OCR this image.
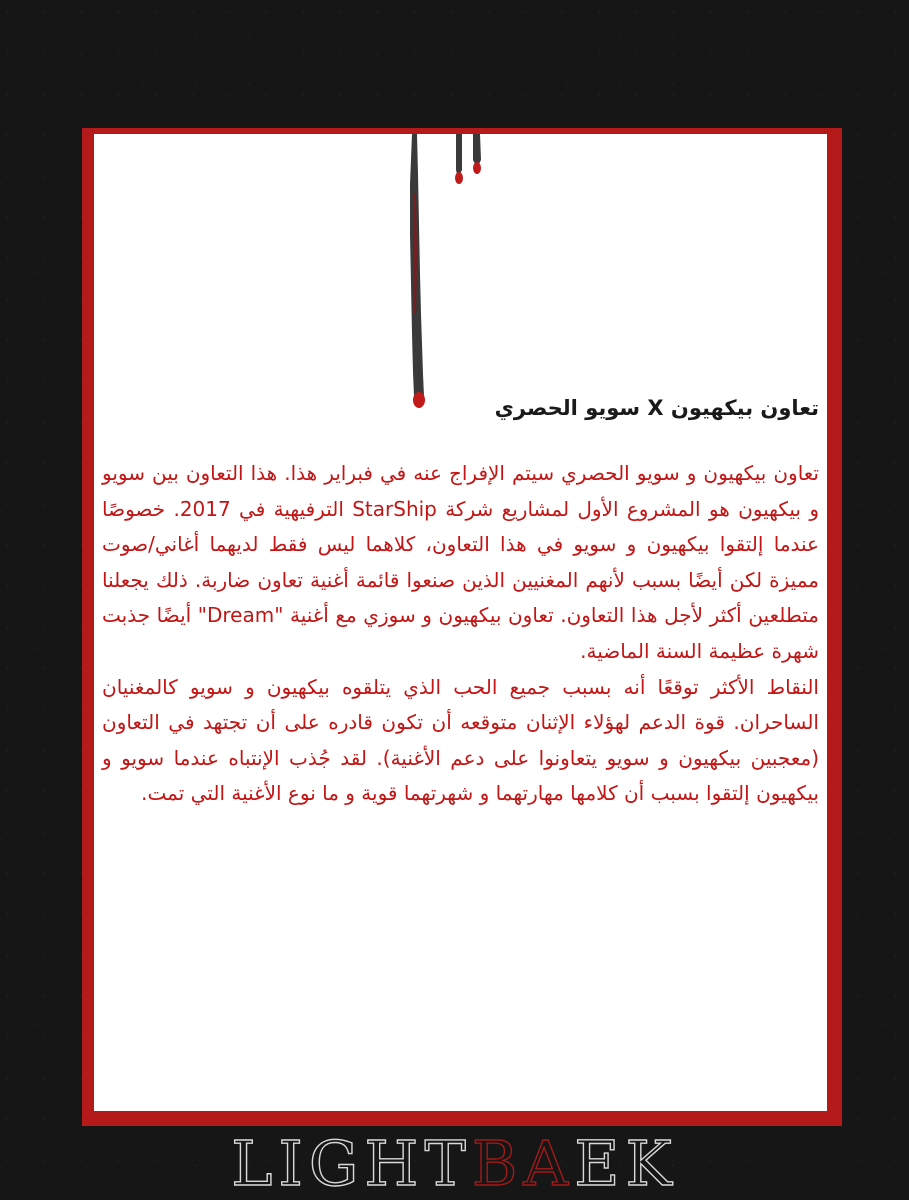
تعاون بيكهيون X سويو الحصري

تعاون بيكهيون و سويو الحصري سيتم الإفراج عنه في فبراير هذا. هذا التعاون بين سويو و بيكهيون هو المشروع الأول لمشاريع شركة StarShip الترفيهية في 2017. خصوصًا عندما إلتقوا بيكهيون و سويو في هذا التعاون، كلاهما ليس فقط لديهما أغاني/صوت مميزة لكن أيضًا بسبب لأنهم المغنيين الذين صنعوا قائمة أغنية تعاون ضاربة. ذلك يجعلنا متطلعين أكثر لأجل هذا التعاون. تعاون بيكهيون و سوزي مع أغنية "Dream" أيضًا جذبت شهرة عظيمة السنة الماضية.

النقاط الأكثر توقعًا أنه بسبب جميع الحب الذي يتلقوه بيكهيون و سويو كالمغنيان الساحران. قوة الدعم لهؤلاء الإثنان متوقعه أن تكون قادره على أن تجتهد في التعاون (معجبين بيكهيون و سويو يتعاونوا على دعم الأغنية). لقد جُذب الإنتباه عندما سويو و بيكهيون إلتقوا بسبب أن كلامها مهارتهما و شهرتهما قوية و ما نوع الأغنية التي تمت.

LIGHTBAEK
